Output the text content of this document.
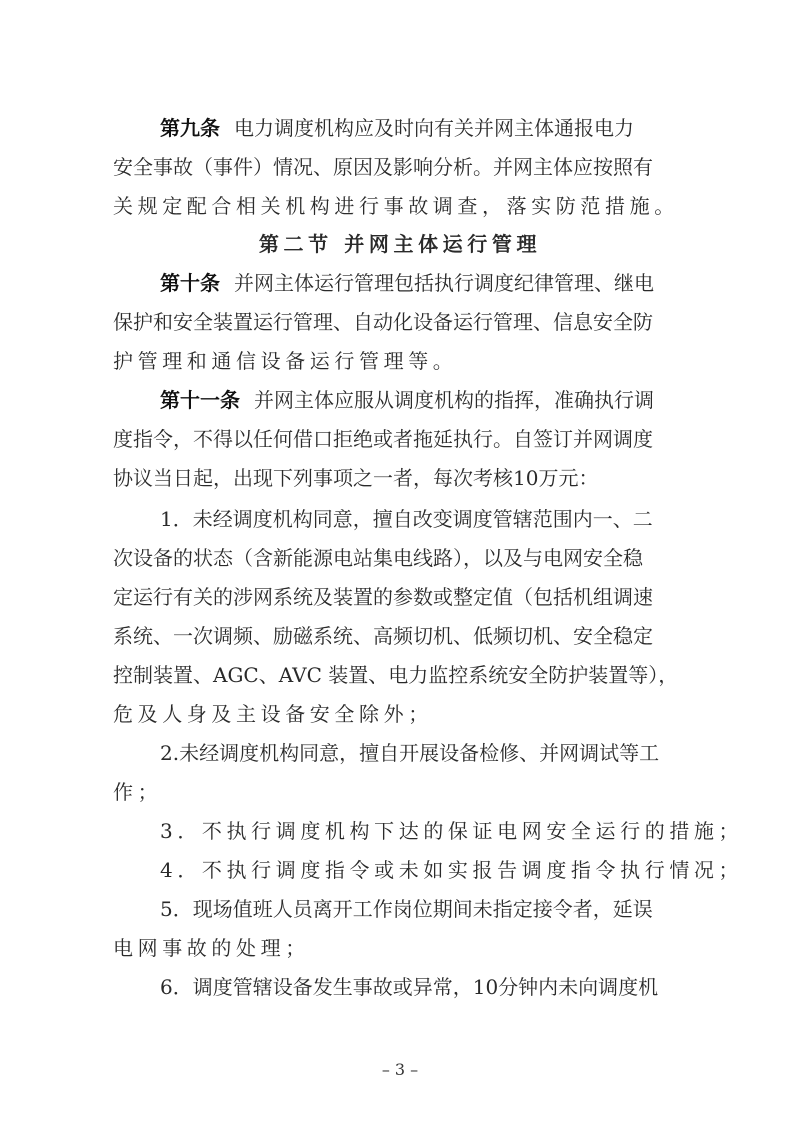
第九条 电力调度机构应及时向有关并网主体通报电力
安全事故（事件）情况、原因及影响分析。并网主体应按照有
关规定配合相关机构进行事故调查，落实防范措施。
第二节 并网主体运行管理
第十条 并网主体运行管理包括执行调度纪律管理、继电
保护和安全装置运行管理、自动化设备运行管理、信息安全防
护管理和通信设备运行管理等。
第十一条 并网主体应服从调度机构的指挥，准确执行调
度指令，不得以任何借口拒绝或者拖延执行。自签订并网调度
协议当日起，出现下列事项之一者，每次考核10万元：
1．未经调度机构同意，擅自改变调度管辖范围内一、二
次设备的状态（含新能源电站集电线路），以及与电网安全稳
定运行有关的涉网系统及装置的参数或整定值（包括机组调速
系统、一次调频、励磁系统、高频切机、低频切机、安全稳定
控制装置、AGC、AVC 装置、电力监控系统安全防护装置等），
危及人身及主设备安全除外；
2.未经调度机构同意，擅自开展设备检修、并网调试等工
作；
3．不执行调度机构下达的保证电网安全运行的措施；
4．不执行调度指令或未如实报告调度指令执行情况；
5．现场值班人员离开工作岗位期间未指定接令者，延误
电网事故的处理；
6．调度管辖设备发生事故或异常，10分钟内未向调度机
– 3 –
